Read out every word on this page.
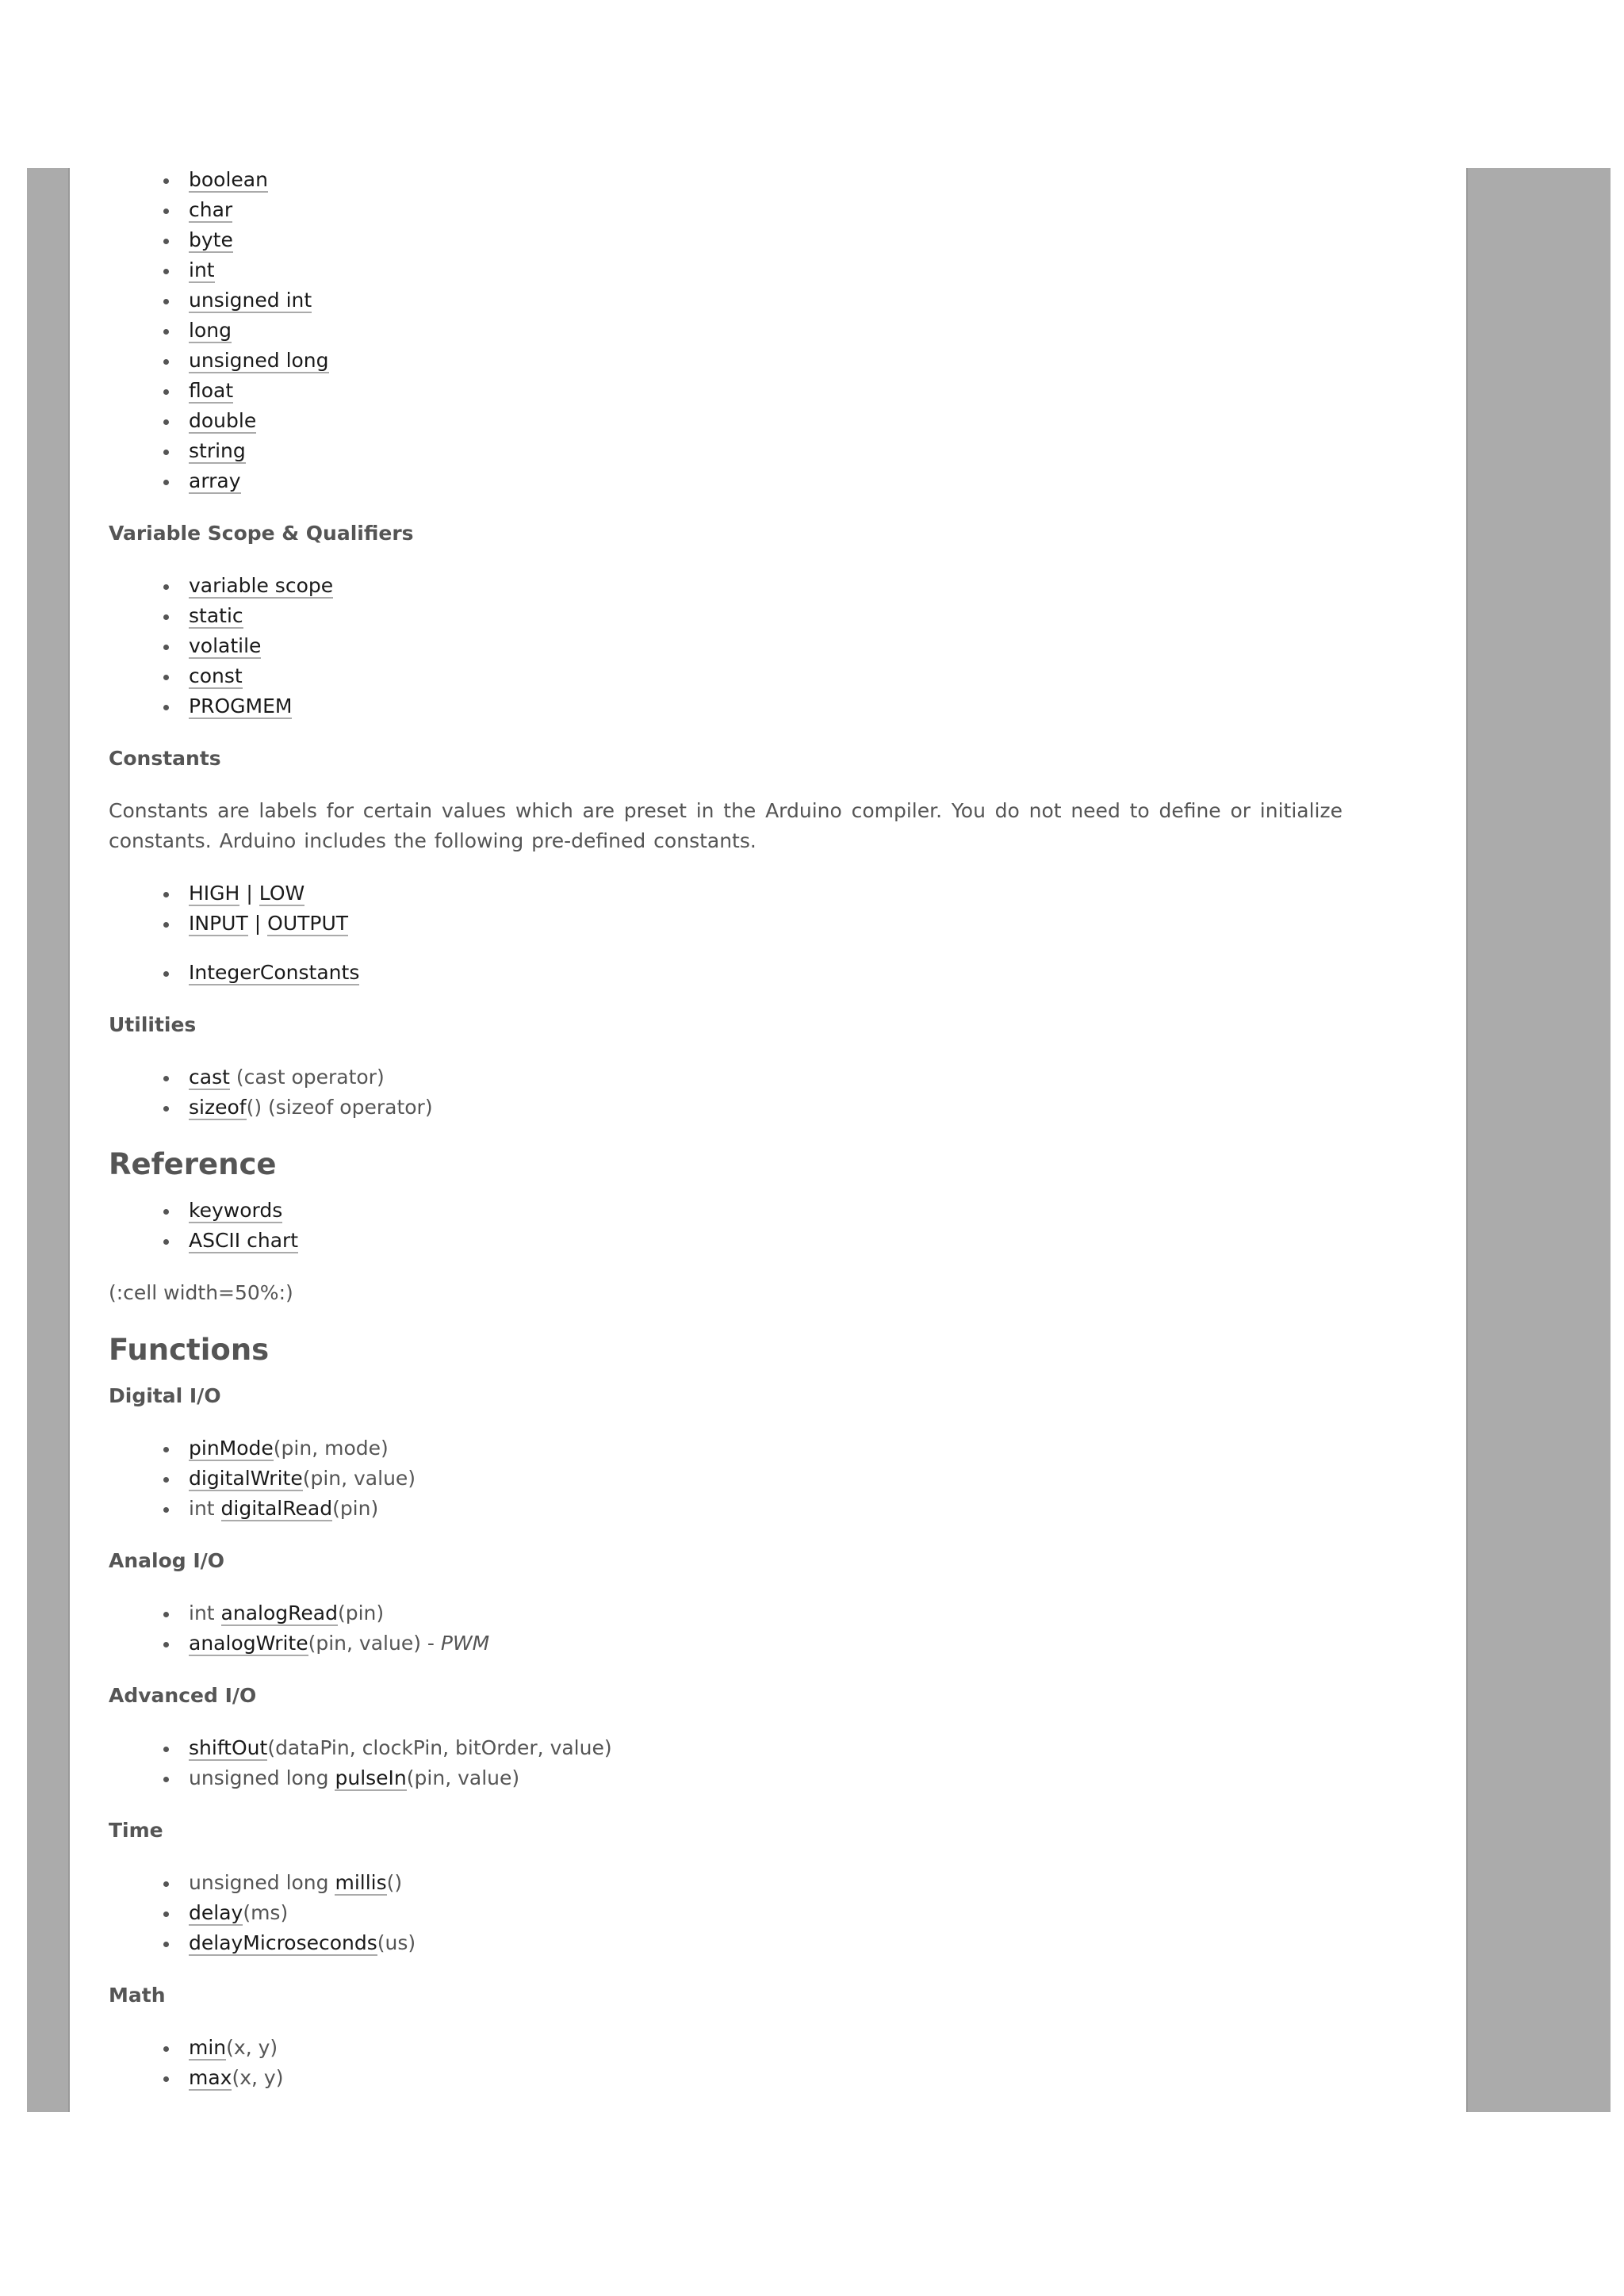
boolean
char
byte
int
unsigned int
long
unsigned long
float
double
string
array
Variable Scope & Qualifiers
variable scope
static
volatile
const
PROGMEM
Constants

Constants are labels for certain values which are preset in the Arduino compiler. You do not need to define or initialize constants. Arduino includes the following pre-defined constants.

HIGH | LOW
INPUT | OUTPUT
IntegerConstants
Utilities
cast (cast operator)
sizeof() (sizeof operator)
Reference
keywords
ASCII chart

(:cell width=50%:)

Functions
Digital I/O
pinMode(pin, mode)
digitalWrite(pin, value)
int digitalRead(pin)
Analog I/O
int analogRead(pin)
analogWrite(pin, value) - PWM
Advanced I/O
shiftOut(dataPin, clockPin, bitOrder, value)
unsigned long pulseIn(pin, value)
Time
unsigned long millis()
delay(ms)
delayMicroseconds(us)
Math
min(x, y)
max(x, y)
